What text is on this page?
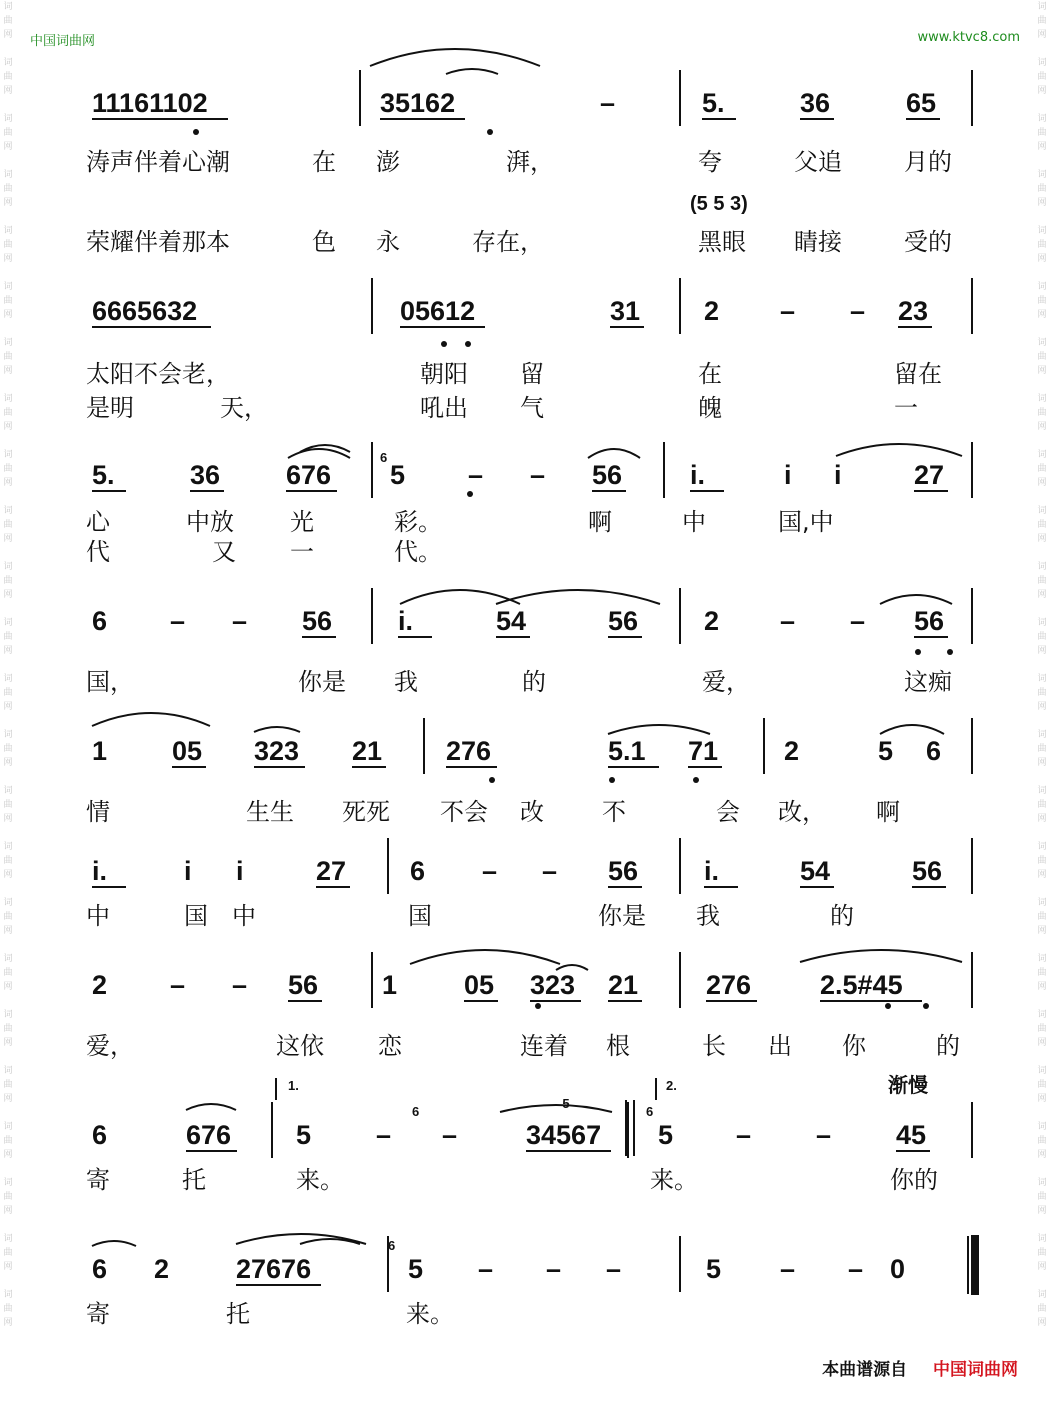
中国词曲网	www.ktvc8.com
词
曲
网

词
曲
网

词
曲
网

词
曲
网

词
曲
网

词
曲
网

词
曲
网

词
曲
网

词
曲
网

词
曲
网

词
曲
网

词
曲
网

词
曲
网

词
曲
网

词
曲
网

词
曲
网

词
曲
网

词
曲
网

词
曲
网

词
曲
网

词
曲
网

词
曲
网

词
曲
网

词
曲
网

词
曲
网

词
曲
网

词
曲
网

词
曲
网

词
曲
网

词
曲
网

词
曲
网

词
曲
网

词
曲
网

词
曲
网

词
曲
网

词
曲
网

词
曲
网

词
曲
网

词
曲
网

词
曲
网

词
曲
网

词
曲
网

词
曲
网

词
曲
网

词
曲
网

词
曲
网

词
曲
网

词
曲
网

11161102	35162	–	5.	36	65
涛声伴着心潮	在 澎	湃，	夸	父追	月的
荣耀伴着那本	色 永	存在，	黑眼 睛接	受的
(5 5 3)
6665632	05612	31 2 – – 23
太阳不会老，	朝阳 留	在	留在
是明	天，	吼出 气	魄	一
5.	36 676 5 – – 56	i.	i i	27
心	中放 光	彩。	啊	中	国,中
代	又 一	代。
6 – – 56 i.	54	56 2 – – 56
国，	你是 我	的	爱，	这痴
1 05 323 21 276	5.1 71 2	5 6
情	生生 死死 不会 改 不	会 改， 啊
i.	i i	27 6 – – 56 i.	54	56
中	国 中	国	你是 我	的
2 – – 56 1 05 323 21	276	2.5#45
爱，	这依 恋	连着 根	长 出 你	的
6	676 5 – –	34567 5 – – 45
寄	托	来。	来。	你的
5
6 2 27676	5 – – –	5 – – 0
寄	托	来。
6
6	6
6
1.	2.	渐慢
本曲谱源自 中国词曲网
